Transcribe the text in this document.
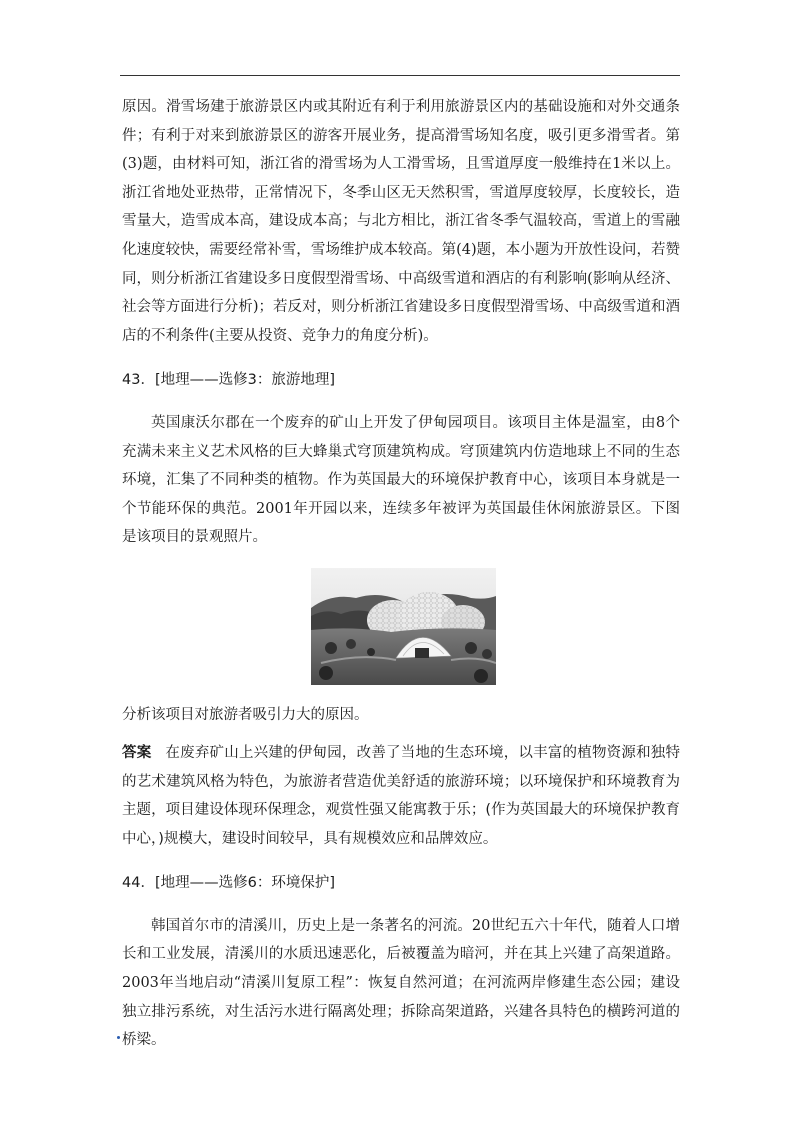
原因。滑雪场建于旅游景区内或其附近有利于利用旅游景区内的基础设施和对外交通条件；有利于对来到旅游景区的游客开展业务，提高滑雪场知名度，吸引更多滑雪者。第(3)题，由材料可知，浙江省的滑雪场为人工滑雪场，且雪道厚度一般维持在1米以上。浙江省地处亚热带，正常情况下，冬季山区无天然积雪，雪道厚度较厚，长度较长，造雪量大，造雪成本高，建设成本高；与北方相比，浙江省冬季气温较高，雪道上的雪融化速度较快，需要经常补雪，雪场维护成本较高。第(4)题，本小题为开放性设问，若赞同，则分析浙江省建设多日度假型滑雪场、中高级雪道和酒店的有利影响(影响从经济、社会等方面进行分析)；若反对，则分析浙江省建设多日度假型滑雪场、中高级雪道和酒店的不利条件(主要从投资、竞争力的角度分析)。

43．[地理——选修3：旅游地理]

英国康沃尔郡在一个废弃的矿山上开发了伊甸园项目。该项目主体是温室，由8个充满未来主义艺术风格的巨大蜂巢式穹顶建筑构成。穹顶建筑内仿造地球上不同的生态环境，汇集了不同种类的植物。作为英国最大的环境保护教育中心，该项目本身就是一个节能环保的典范。2001年开园以来，连续多年被评为英国最佳休闲旅游景区。下图是该项目的景观照片。

分析该项目对旅游者吸引力大的原因。

答案 在废弃矿山上兴建的伊甸园，改善了当地的生态环境，以丰富的植物资源和独特的艺术建筑风格为特色，为旅游者营造优美舒适的旅游环境；以环境保护和环境教育为主题，项目建设体现环保理念，观赏性强又能寓教于乐；(作为英国最大的环境保护教育中心，)规模大，建设时间较早，具有规模效应和品牌效应。

44．[地理——选修6：环境保护]

韩国首尔市的清溪川，历史上是一条著名的河流。20世纪五六十年代，随着人口增长和工业发展，清溪川的水质迅速恶化，后被覆盖为暗河，并在其上兴建了高架道路。2003年当地启动“清溪川复原工程”：恢复自然河道；在河流两岸修建生态公园；建设独立排污系统，对生活污水进行隔离处理；拆除高架道路，兴建各具特色的横跨河道的桥梁。
